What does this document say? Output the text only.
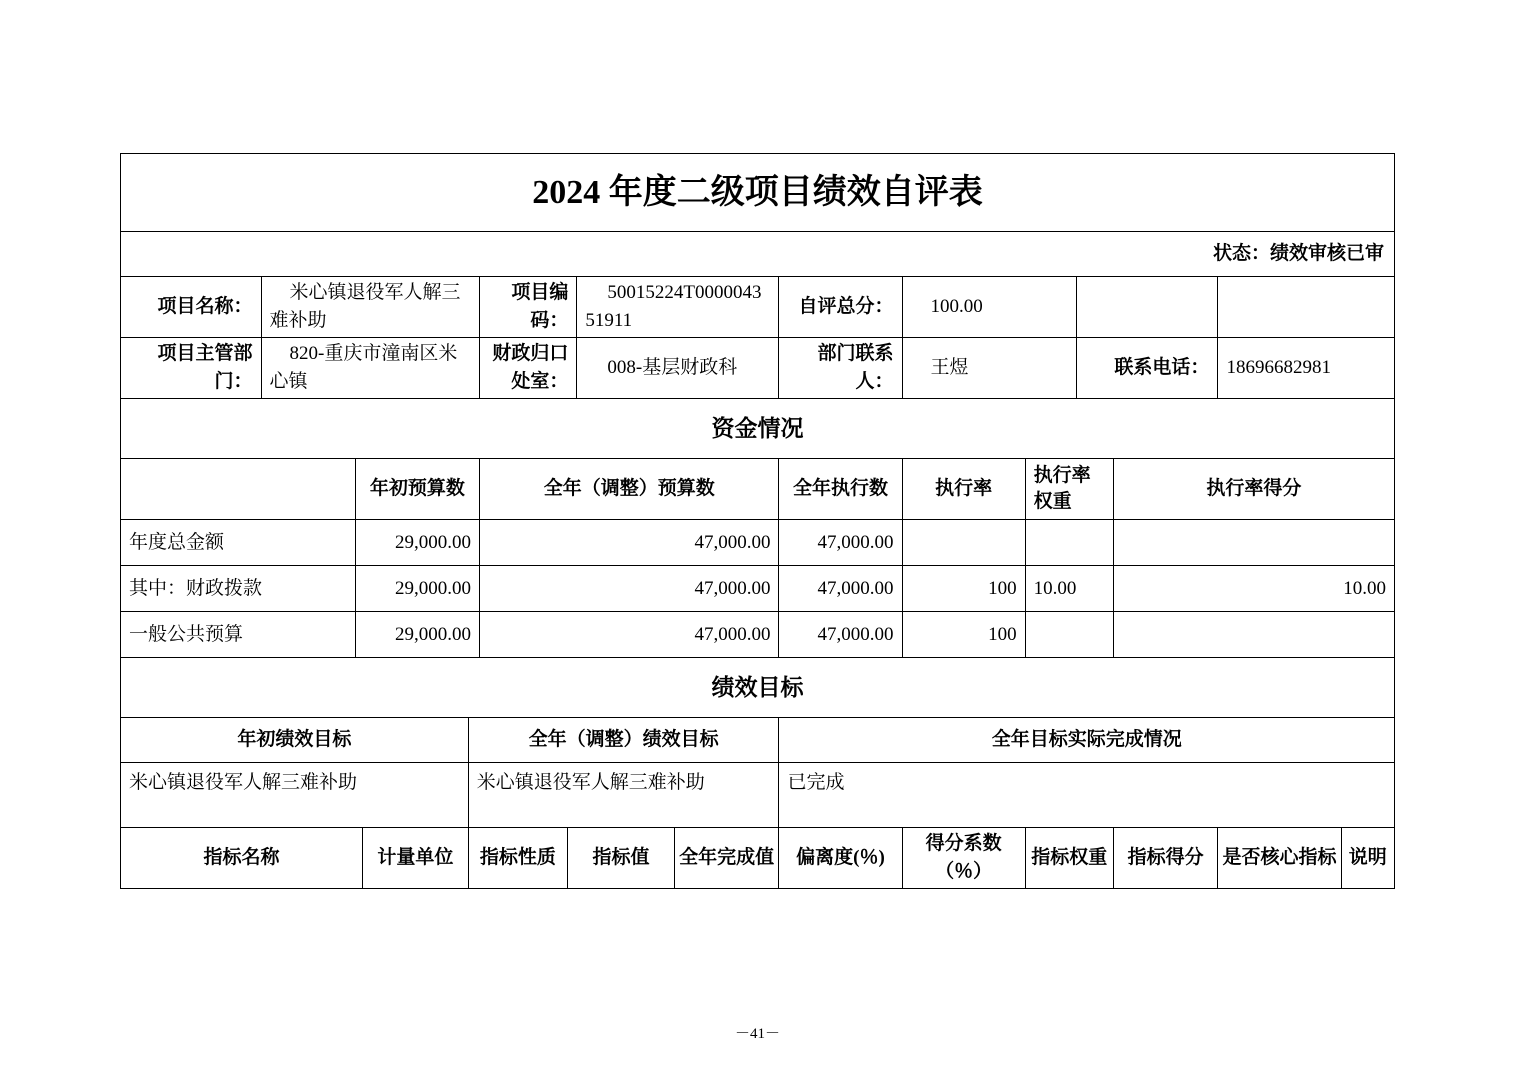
2024 年度二级项目绩效自评表															
状态：绩效审核已审															
项目名称：	米心镇退役军人解三难补助				项目编码：		50015224T000004351911		自评总分：	100.00					
项目主管部门：	820-重庆市潼南区米心镇				财政归口处室：		008-基层财政科		部门联系人：	王煜		联系电话：		18696682981	
资金情况															
		年初预算数			全年（调整）预算数				全年执行数	执行率	执行率权重		执行率得分		
年度总金额		29,000.00			47,000.00				47,000.00						
其中：财政拨款		29,000.00			47,000.00				47,000.00	100	10.00		10.00		
一般公共预算		29,000.00			47,000.00				47,000.00	100					
绩效目标															
年初绩效目标				全年（调整）绩效目标					全年目标实际完成情况						
米心镇退役军人解三难补助				米心镇退役军人解三难补助					已完成						
指标名称			计量单位	指标性质		指标值		全年完成值	偏离度(％)	得分系数（％）	指标权重		指标得分	是否核心指标	说明
－41－
